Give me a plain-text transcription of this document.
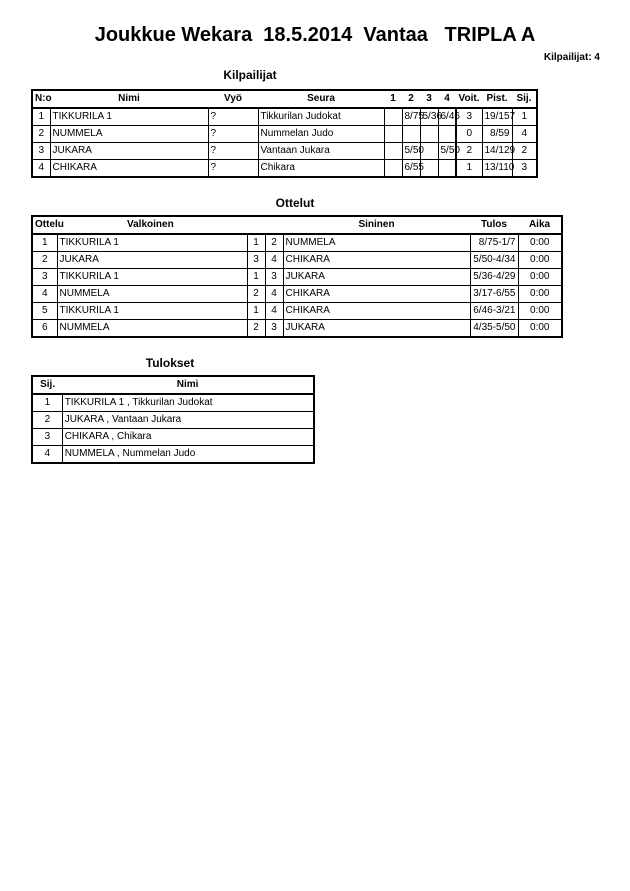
Joukkue Wekara  18.5.2014  Vantaa   TRIPLA A
Kilpailijat: 4
Kilpailijat
N:o	Nimi	Vyö	Seura	1	2	3	4	Voit.	Pist.	Sij.
1	TIKKURILA 1	?	Tikkurilan Judokat		8/75	5/36	6/46	3	19/157	1
2	NUMMELA	?	Nummelan Judo					0	8/59	4
3	JUKARA	?	Vantaan Jukara		5/50		5/50	2	14/129	2
4	CHIKARA	?	Chikara		6/55			1	13/110	3
Ottelut
Ottelu	Valkoinen			Sininen	Tulos	Aika
1	TIKKURILA 1	1	2	NUMMELA	8/75-1/7	0:00
2	JUKARA	3	4	CHIKARA	5/50-4/34	0:00
3	TIKKURILA 1	1	3	JUKARA	5/36-4/29	0:00
4	NUMMELA	2	4	CHIKARA	3/17-6/55	0:00
5	TIKKURILA 1	1	4	CHIKARA	6/46-3/21	0:00
6	NUMMELA	2	3	JUKARA	4/35-5/50	0:00
Tulokset
Sij.	Nimi
1	TIKKURILA 1 , Tikkurilan Judokat
2	JUKARA , Vantaan Jukara
3	CHIKARA , Chikara
4	NUMMELA , Nummelan Judo
